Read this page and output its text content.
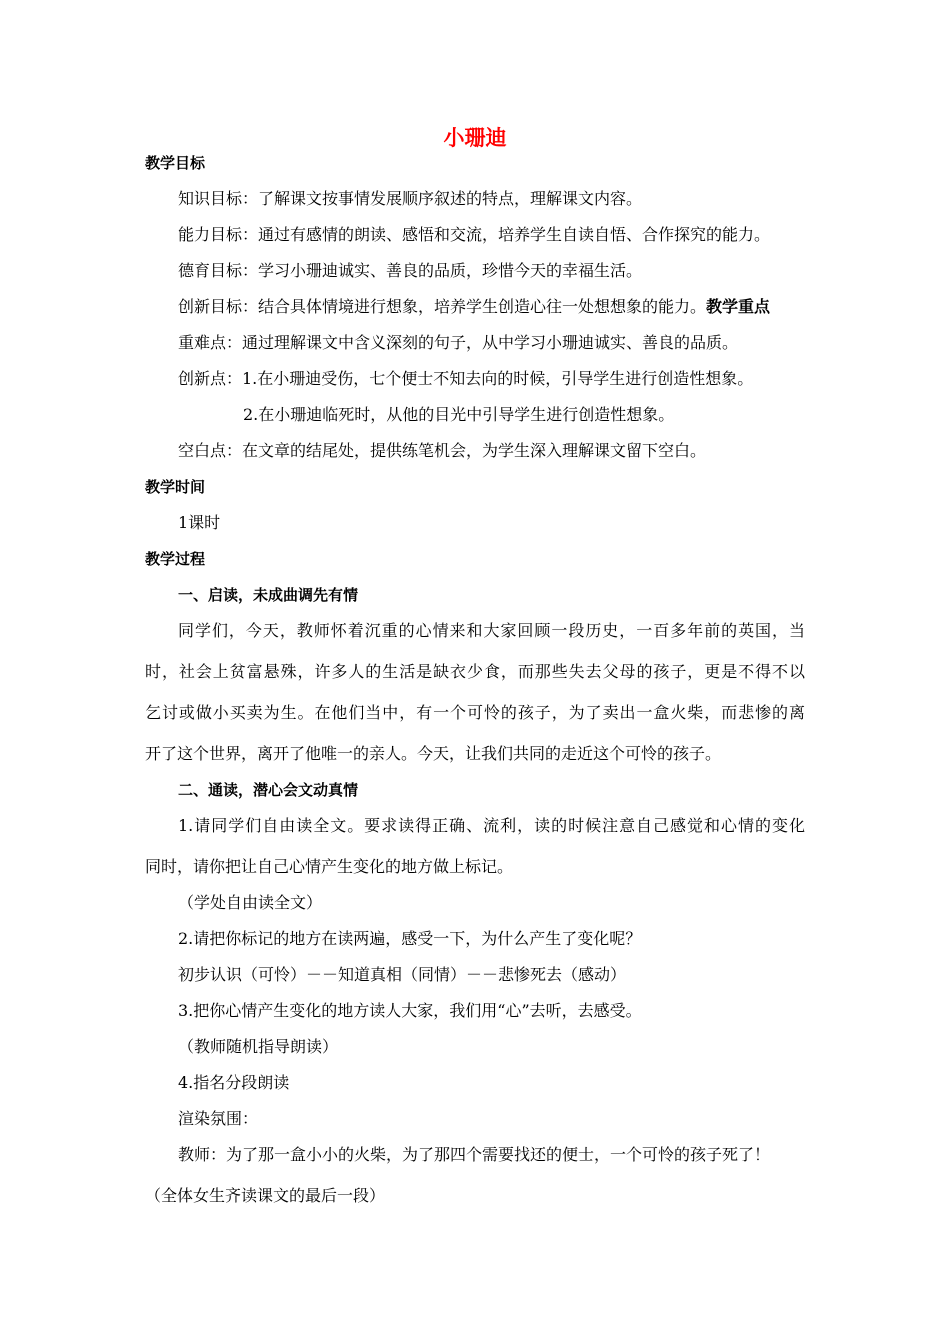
小珊迪
教学目标
知识目标：了解课文按事情发展顺序叙述的特点，理解课文内容。
能力目标：通过有感情的朗读、感悟和交流，培养学生自读自悟、合作探究的能力。
德育目标：学习小珊迪诚实、善良的品质，珍惜今天的幸福生活。
创新目标：结合具体情境进行想象，培养学生创造心往一处想想象的能力。教学重点
重难点：通过理解课文中含义深刻的句子，从中学习小珊迪诚实、善良的品质。
创新点：1.在小珊迪受伤，七个便士不知去向的时候，引导学生进行创造性想象。
2.在小珊迪临死时，从他的目光中引导学生进行创造性想象。
空白点：在文章的结尾处，提供练笔机会，为学生深入理解课文留下空白。
教学时间
1课时
教学过程
一、启读，未成曲调先有情
同学们，今天，教师怀着沉重的心情来和大家回顾一段历史，一百多年前的英国，当
时，社会上贫富悬殊，许多人的生活是缺衣少食，而那些失去父母的孩子，更是不得不以
乞讨或做小买卖为生。在他们当中，有一个可怜的孩子，为了卖出一盒火柴，而悲惨的离
开了这个世界，离开了他唯一的亲人。今天，让我们共同的走近这个可怜的孩子。
二、通读，潜心会文动真情
1.请同学们自由读全文。要求读得正确、流利，读的时候注意自己感觉和心情的变化
同时，请你把让自己心情产生变化的地方做上标记。
（学处自由读全文）
2.请把你标记的地方在读两遍，感受一下，为什么产生了变化呢？
初步认识（可怜）－－知道真相（同情）－－悲惨死去（感动）
3.把你心情产生变化的地方读人大家，我们用“心”去听，去感受。
（教师随机指导朗读）
4.指名分段朗读
渲染氛围：
教师：为了那一盒小小的火柴，为了那四个需要找还的便士，一个可怜的孩子死了！
（全体女生齐读课文的最后一段）
